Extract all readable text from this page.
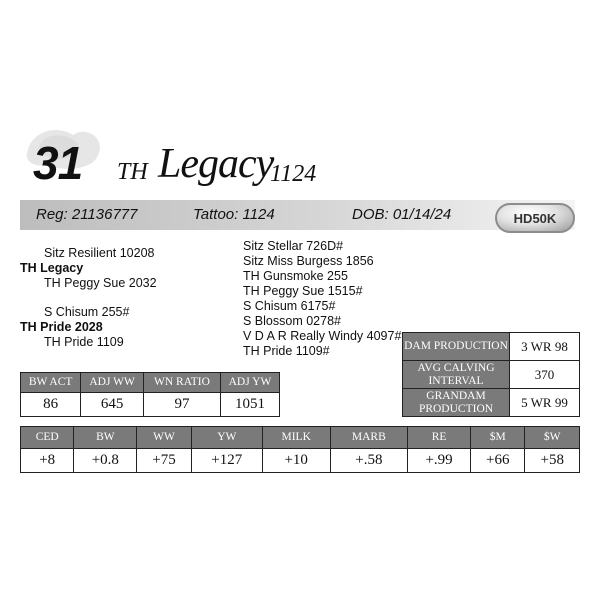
31 TH Legacy
1124
Reg: 21136777	Tattoo: 1124	DOB: 01/14/24	HD 50K
Sitz Resilient 10208
TH Legacy
TH Peggy Sue 2032
S Chisum 255#
TH Pride 2028
TH Pride 1109
Sitz Stellar 726D#
Sitz Miss Burgess 1856
TH Gunsmoke 255
TH Peggy Sue 1515#
S Chisum 6175#
S Blossom 0278#
V D A R Really Windy 4097#
TH Pride 1109#	DAM PRODUCTION	3 WR 98
AVG CALVING INTERVAL	370
GRANDAM PRODUCTION	5 WR 99
BW ACT	ADJ WW	WN RATIO	ADJ YW
86	645	97	1051
CED	BW	WW	YW	MILK	MARB	RE	$M	$W
+8	+0.8	+75	+127	+10	+.58	+.99	+66	+58
